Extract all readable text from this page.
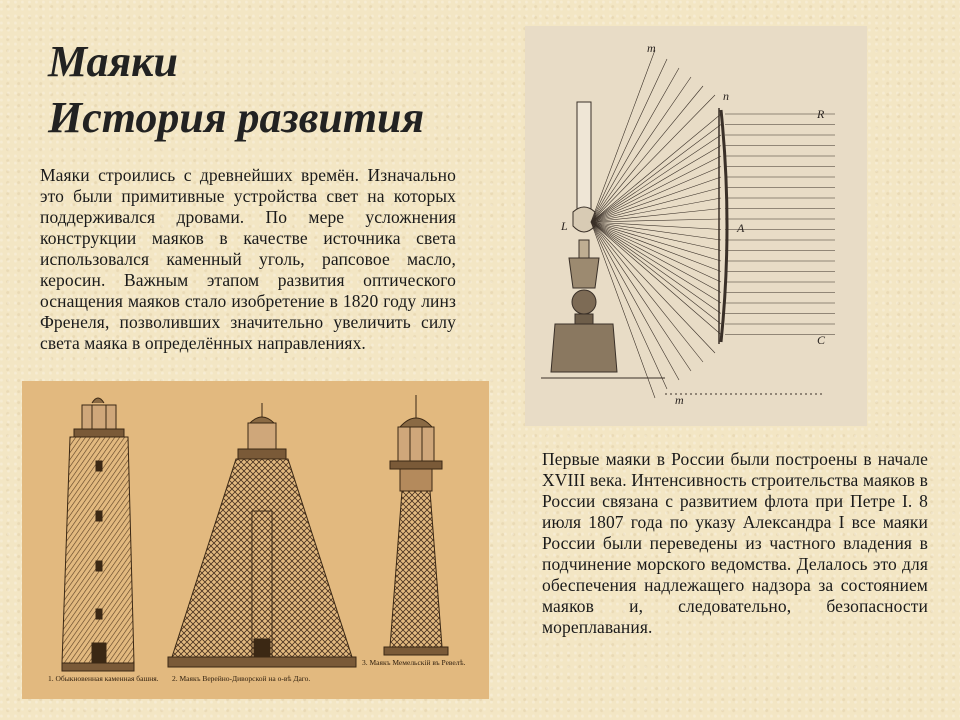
Маяки
История развития

Маяки строились с древнейших времён. Изначально это были примитивные устройства свет на которых поддерживался дровами. По мере усложнения конструкции маяков в качестве источника света использовался каменный уголь, рапсовое масло, керосин. Важным этапом развития оптического оснащения маяков стало изобретение в 1820 году линз Френеля, позволивших значительно увеличить силу света маяка в определённых направлениях.

m
n
R
L	A
C
m
1. Обыкновенная каменная башня. 2. Маякъ Верейно-Диворской на о-вѣ Даго.
3. Маякъ Мемельскій въ Ревелѣ.

Первые маяки в России были построены в начале XVIII века. Интенсивность строительства маяков в России связана с развитием флота при Петре I. 8 июля 1807 года по указу Александра I все маяки России были переведены из частного владения в подчинение морского ведомства. Делалось это для обеспечения надлежащего надзора за состоянием маяков и, следовательно, безопасности мореплавания.
